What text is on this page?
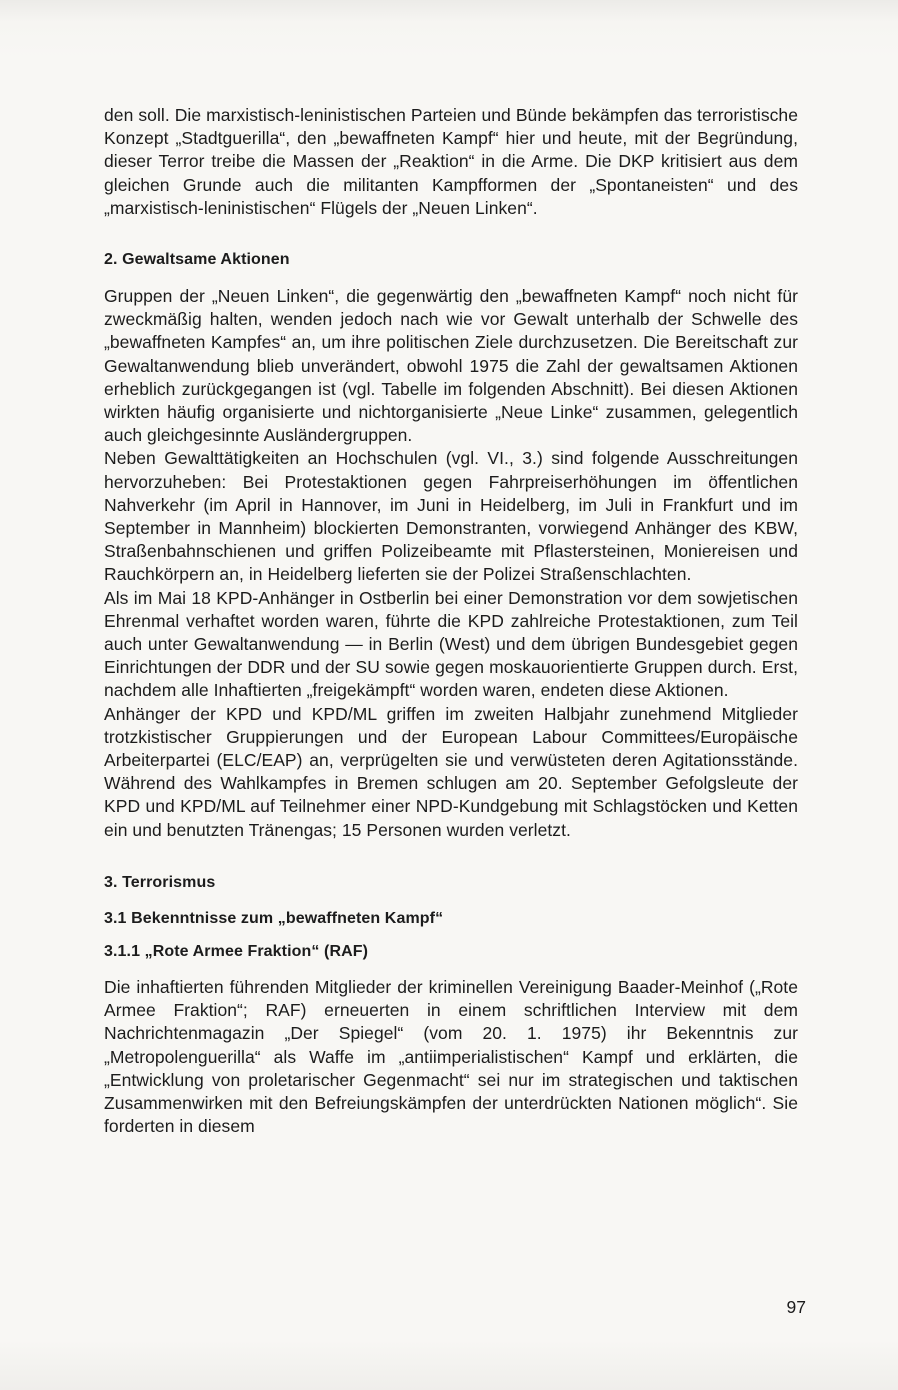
den soll. Die marxistisch-leninistischen Parteien und Bünde bekämpfen das terroristische Konzept „Stadtguerilla“, den „bewaffneten Kampf“ hier und heute, mit der Begründung, dieser Terror treibe die Massen der „Reaktion“ in die Arme. Die DKP kritisiert aus dem gleichen Grunde auch die militanten Kampfformen der „Spontaneisten“ und des „marxistisch-leninistischen“ Flügels der „Neuen Linken“.

2. Gewaltsame Aktionen

Gruppen der „Neuen Linken“, die gegenwärtig den „bewaffneten Kampf“ noch nicht für zweckmäßig halten, wenden jedoch nach wie vor Gewalt unterhalb der Schwelle des „bewaffneten Kampfes“ an, um ihre politischen Ziele durchzusetzen. Die Bereitschaft zur Gewaltanwendung blieb unverändert, obwohl 1975 die Zahl der gewaltsamen Aktionen erheblich zurückgegangen ist (vgl. Tabelle im folgenden Abschnitt). Bei diesen Aktionen wirkten häufig organisierte und nichtorganisierte „Neue Linke“ zusammen, gelegentlich auch gleichgesinnte Ausländergruppen.

Neben Gewalttätigkeiten an Hochschulen (vgl. VI., 3.) sind folgende Ausschreitungen hervorzuheben: Bei Protestaktionen gegen Fahrpreiserhöhungen im öffentlichen Nahverkehr (im April in Hannover, im Juni in Heidelberg, im Juli in Frankfurt und im September in Mannheim) blockierten Demonstranten, vorwiegend Anhänger des KBW, Straßenbahnschienen und griffen Polizeibeamte mit Pflastersteinen, Moniereisen und Rauchkörpern an, in Heidelberg lieferten sie der Polizei Straßenschlachten.

Als im Mai 18 KPD-Anhänger in Ostberlin bei einer Demonstration vor dem sowjetischen Ehrenmal verhaftet worden waren, führte die KPD zahlreiche Protestaktionen, zum Teil auch unter Gewaltanwendung — in Berlin (West) und dem übrigen Bundesgebiet gegen Einrichtungen der DDR und der SU sowie gegen moskauorientierte Gruppen durch. Erst, nachdem alle Inhaftierten „freigekämpft“ worden waren, endeten diese Aktionen.

Anhänger der KPD und KPD/ML griffen im zweiten Halbjahr zunehmend Mitglieder trotzkistischer Gruppierungen und der European Labour Committees/Europäische Arbeiterpartei (ELC/EAP) an, verprügelten sie und verwüsteten deren Agitationsstände. Während des Wahlkampfes in Bremen schlugen am 20. September Gefolgsleute der KPD und KPD/ML auf Teilnehmer einer NPD-Kundgebung mit Schlagstöcken und Ketten ein und benutzten Tränengas; 15 Personen wurden verletzt.

3. Terrorismus
3.1 Bekenntnisse zum „bewaffneten Kampf“
3.1.1 „Rote Armee Fraktion“ (RAF)

Die inhaftierten führenden Mitglieder der kriminellen Vereinigung Baader-Meinhof („Rote Armee Fraktion“; RAF) erneuerten in einem schriftlichen Interview mit dem Nachrichtenmagazin „Der Spiegel“ (vom 20. 1. 1975) ihr Bekenntnis zur „Metropolenguerilla“ als Waffe im „antiimperialistischen“ Kampf und erklärten, die „Entwicklung von proletarischer Gegenmacht“ sei nur im strategischen und taktischen Zusammenwirken mit den Befreiungskämpfen der unterdrückten Nationen möglich“. Sie forderten in diesem

97
